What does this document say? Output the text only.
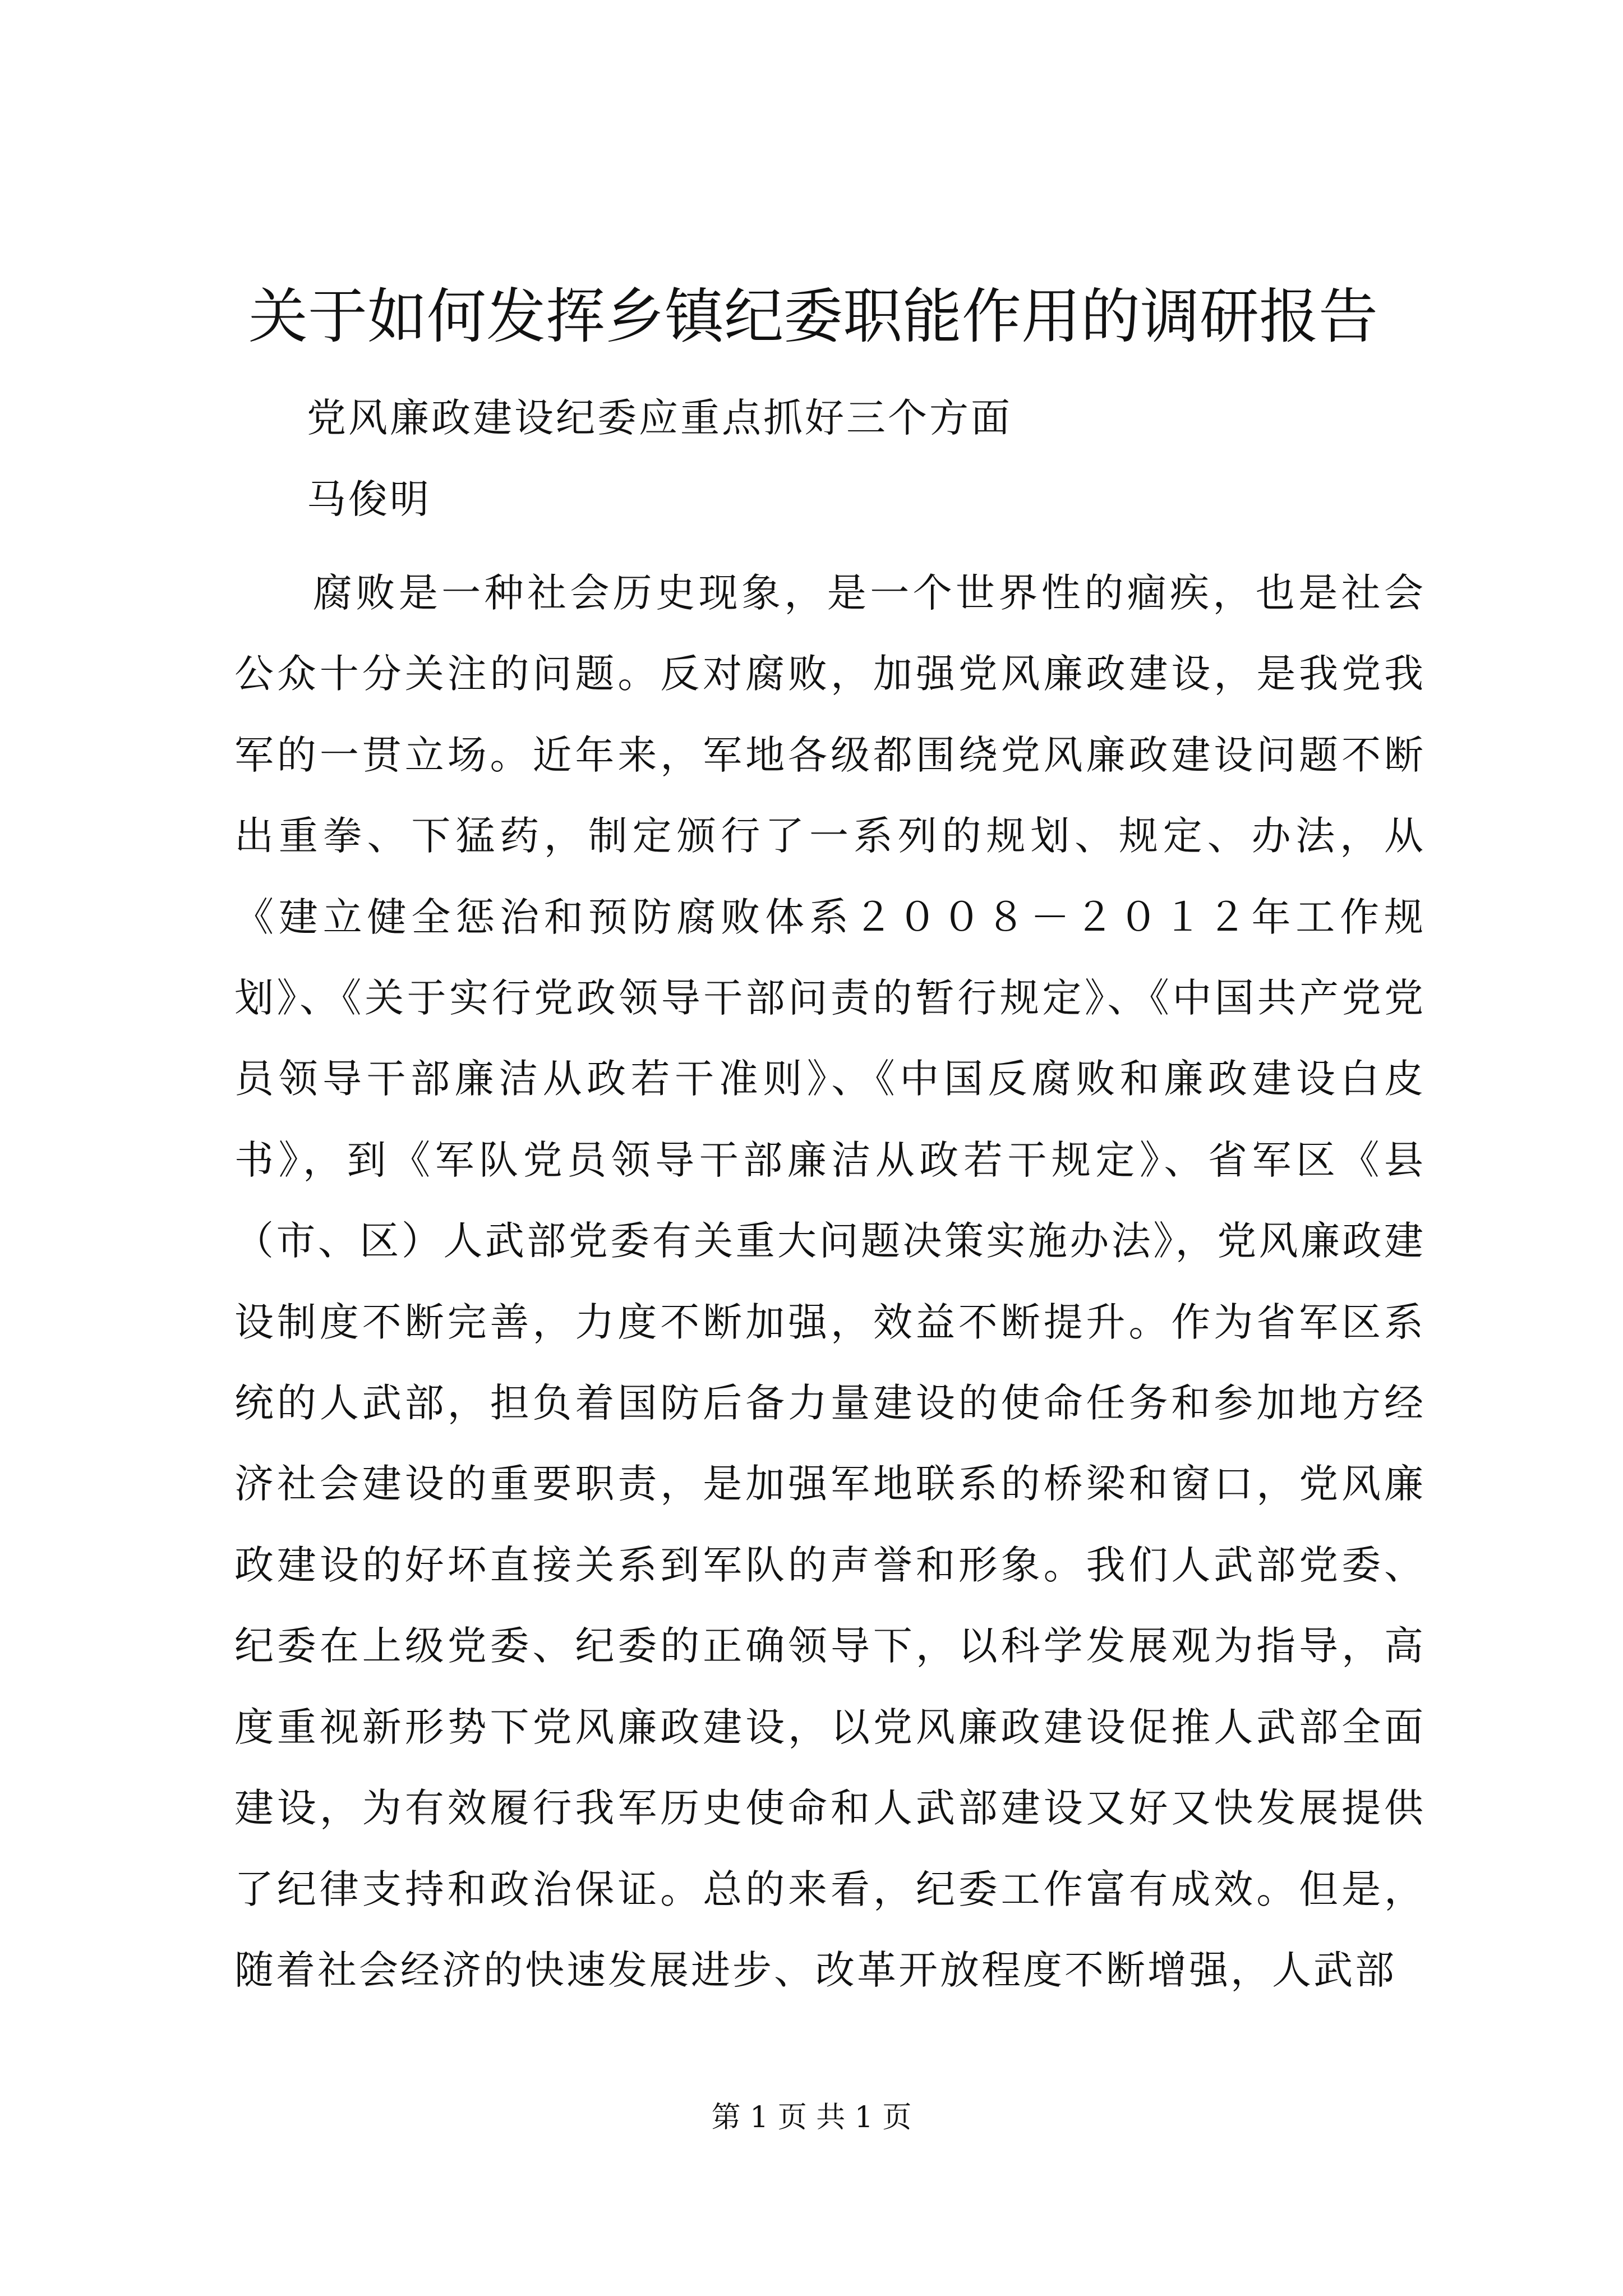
关于如何发挥乡镇纪委职能作用的调研报告

党风廉政建设纪委应重点抓好三个方面

马俊明

腐败是一种社会历史现象，是一个世界性的痼疾，也是社会公众十分关注的问题。反对腐败，加强党风廉政建设，是我党我军的一贯立场。近年来，军地各级都围绕党风廉政建设问题不断出重拳、下猛药，制定颁行了一系列的规划、规定、办法，从《建立健全惩治和预防腐败体系２００８－２０１２年工作规划》、《关于实行党政领导干部问责的暂行规定》、《中国共产党党员领导干部廉洁从政若干准则》、《中国反腐败和廉政建设白皮书》，到《军队党员领导干部廉洁从政若干规定》、省军区《县（市、区）人武部党委有关重大问题决策实施办法》，党风廉政建设制度不断完善，力度不断加强，效益不断提升。作为省军区系统的人武部，担负着国防后备力量建设的使命任务和参加地方经济社会建设的重要职责，是加强军地联系的桥梁和窗口，党风廉政建设的好坏直接关系到军队的声誉和形象。我们人武部党委、纪委在上级党委、纪委的正确领导下，以科学发展观为指导，高度重视新形势下党风廉政建设，以党风廉政建设促推人武部全面建设，为有效履行我军历史使命和人武部建设又好又快发展提供了纪律支持和政治保证。总的来看，纪委工作富有成效。但是，随着社会经济的快速发展进步、改革开放程度不断增强，人武部

第 1 页 共 1 页
